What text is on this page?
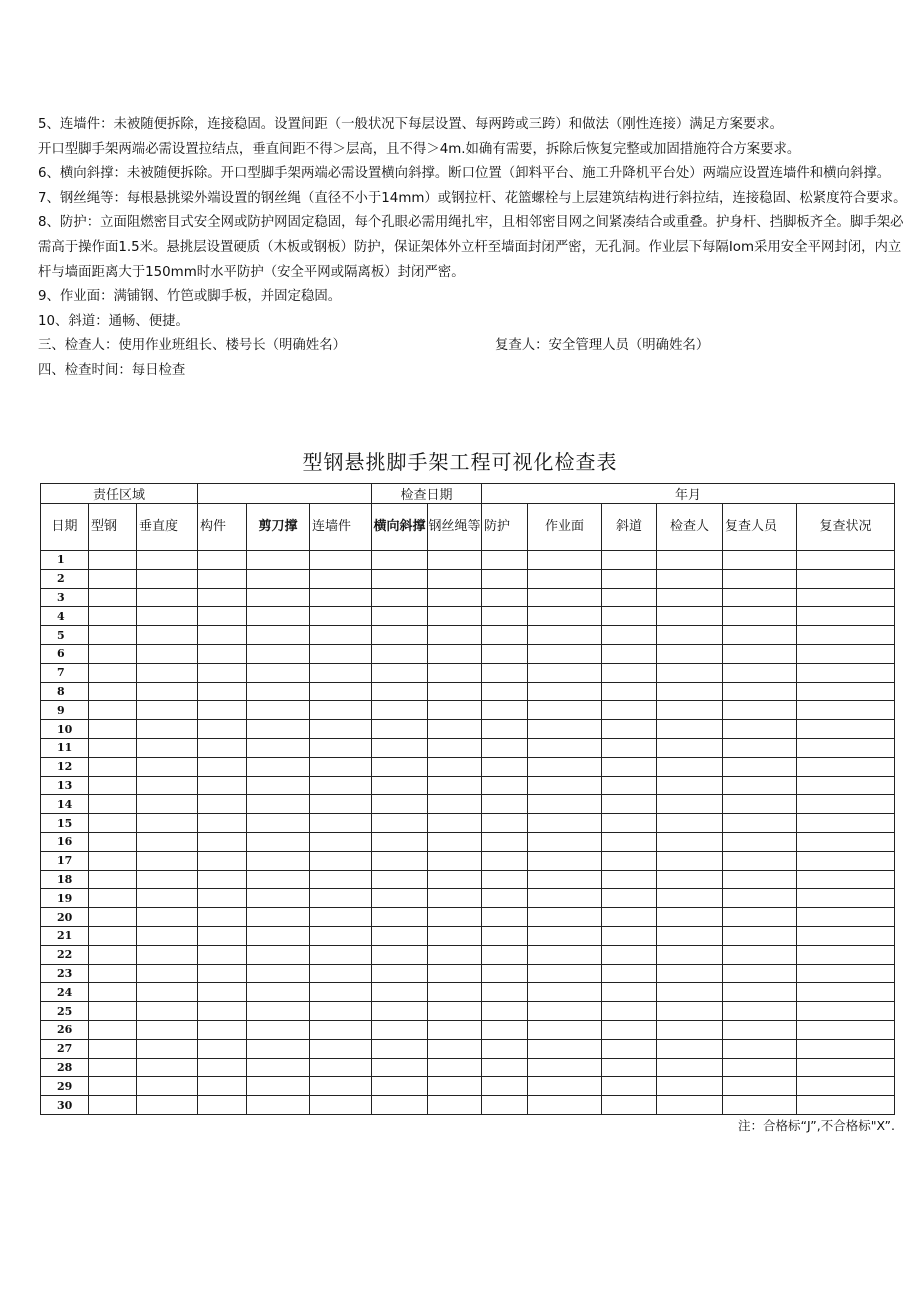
5、连墙件：未被随便拆除，连接稳固。设置间距（一般状况下每层设置、每两跨或三跨）和做法（刚性连接）满足方案要求。

开口型脚手架两端必需设置拉结点，垂直间距不得＞层高，且不得＞4m.如确有需要，拆除后恢复完整或加固措施符合方案要求。

6、横向斜撑：未被随便拆除。开口型脚手架两端必需设置横向斜撑。断口位置（卸料平台、施工升降机平台处）两端应设置连墙件和横向斜撑。

7、钢丝绳等：每根悬挑梁外端设置的钢丝绳（直径不小于14mm）或钢拉杆、花篮螺栓与上层建筑结构进行斜拉结，连接稳固、松紧度符合要求。

8、防护：立面阻燃密目式安全网或防护网固定稳固，每个孔眼必需用绳扎牢，且相邻密目网之间紧凑结合或重叠。护身杆、挡脚板齐全。脚手架必需高于操作面1.5米。悬挑层设置硬质（木板或钢板）防护，保证架体外立杆至墙面封闭严密，无孔洞。作业层下每隔Iom采用安全平网封闭，内立杆与墙面距离大于150mm时水平防护（安全平网或隔离板）封闭严密。

9、作业面：满铺钢、竹笆或脚手板，并固定稳固。

10、斜道：通畅、便捷。

三、检查人：使用作业班组长、楼号长（明确姓名）	复查人：安全管理人员（明确姓名）

四、检查时间：每日检查

型钢悬挑脚手架工程可视化检查表
责任区域						检查日期		年月					
日期	型钢	垂直度	构件	剪刀撑	连墙件	横向斜撑	钢丝绳等	防护	作业面	斜道	检查人	复查人员	复查状况
1													
2													
3													
4													
5													
6													
7													
8													
9													
10													
11													
12													
13													
14													
15													
16													
17													
18													
19													
20													
21													
22													
23													
24													
25													
26													
27													
28													
29													
30													
注：合格标“J”,不合格标"X”.
